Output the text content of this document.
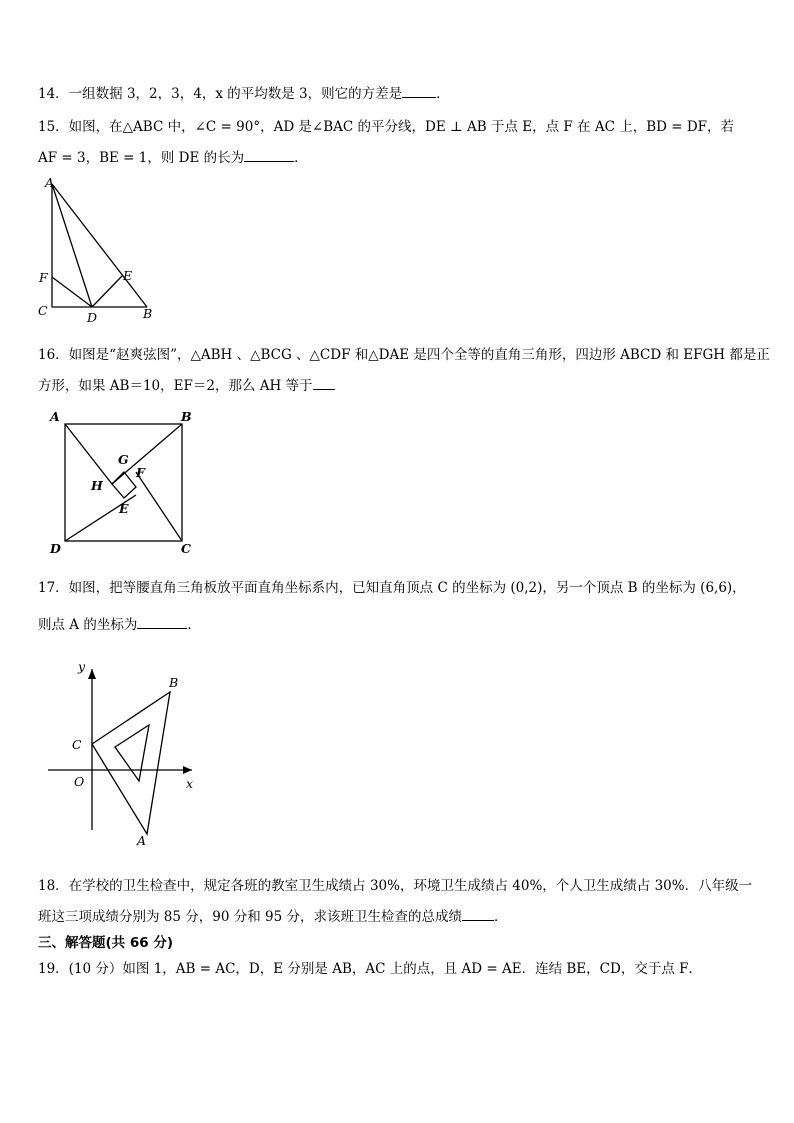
14．一组数据 3，2，3，4，x 的平均数是 3，则它的方差是	．
15．如图，在△ABC 中，∠C = 90°，AD 是∠BAC 的平分线，DE ⊥ AB 于点 E，点 F 在 AC 上，BD = DF，若
AF = 3，BE = 1，则 DE 的长为	．
A
F	E
C	D	B
16．如图是“赵爽弦图”，△ABH 、△BCG 、△CDF 和△DAE 是四个全等的直角三角形，四边形 ABCD 和 EFGH 都是正
方形，如果 AB＝10，EF＝2，那么 AH 等于
A	B
C
D
E
F
G
H
17．如图，把等腰直角三角板放平面直角坐标系内，已知直角顶点 C 的坐标为 (0,2)，另一个顶点 B 的坐标为 (6,6)，
则点 A 的坐标为	．
y
x
O
C
B
A
18．在学校的卫生检查中，规定各班的教室卫生成绩占 30%，环境卫生成绩占 40%，个人卫生成绩占 30%．八年级一
班这三项成绩分别为 85 分，90 分和 95 分，求该班卫生检查的总成绩 ．
三、解答题(共 66 分)
19．(10 分）如图 1，AB = AC，D，E 分别是 AB，AC 上的点，且 AD = AE．连结 BE，CD，交于点 F．
